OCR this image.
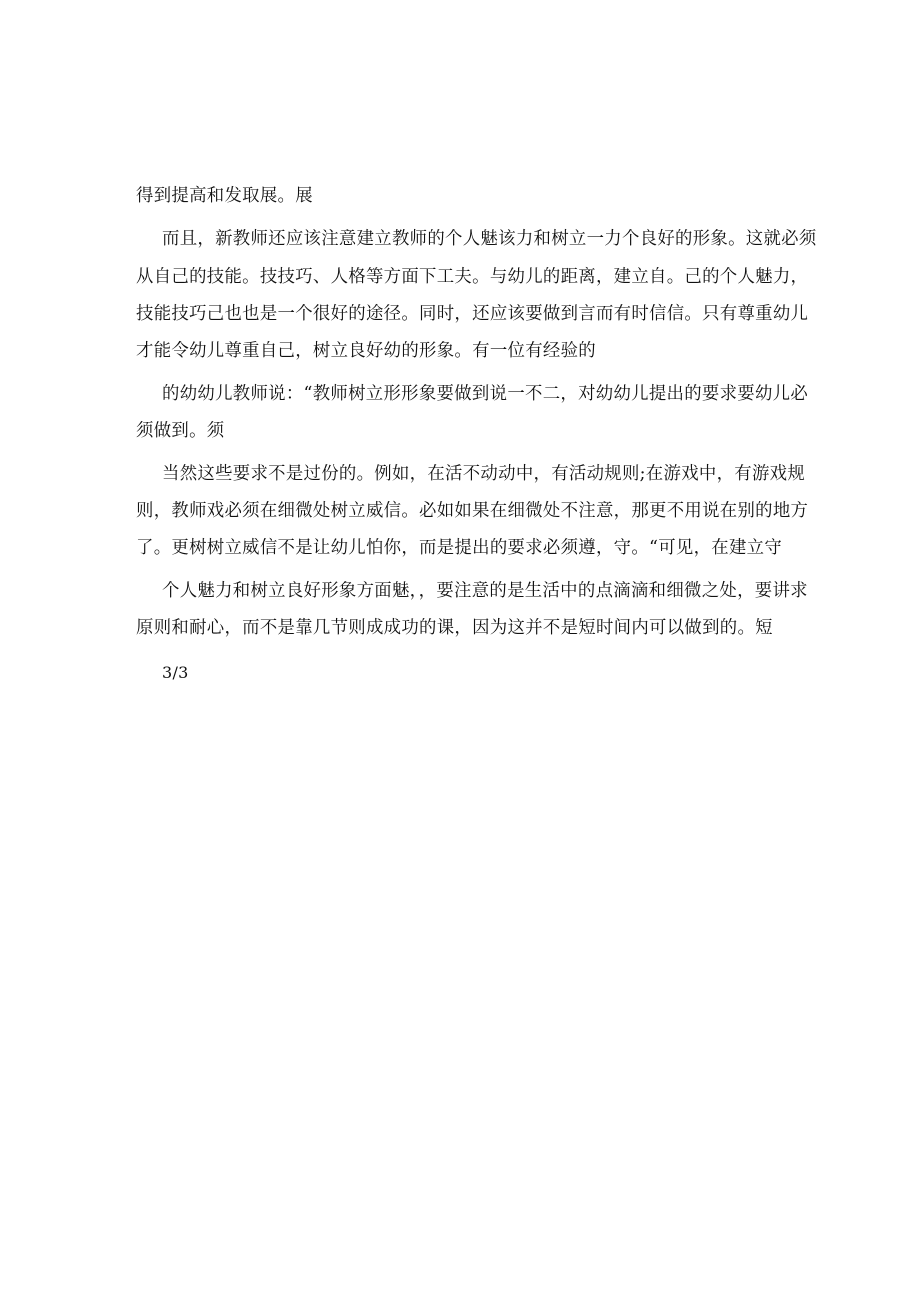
得到提高和发取展。展
而且，新教师还应该注意建立教师的个人魅该力和树立一力个良好的形象。这就必须
从自己的技能。技技巧、人格等方面下工夫。与幼儿的距离，建立自。己的个人魅力，
技能技巧己也也是一个很好的途径。同时，还应该要做到言而有时信信。只有尊重幼儿
才能令幼儿尊重自己，树立良好幼的形象。有一位有经验的
的幼幼儿教师说：“教师树立形形象要做到说一不二，对幼幼儿提出的要求要幼儿必
须做到。须
当然这些要求不是过份的。例如，在活不动动中，有活动规则;在游戏中，有游戏规
则，教师戏必须在细微处树立威信。必如如果在细微处不注意，那更不用说在别的地方
了。更树树立威信不是让幼儿怕你，而是提出的要求必须遵，守。“可见，在建立守
个人魅力和树立良好形象方面魅，，要注意的是生活中的点滴滴和细微之处，要讲求
原则和耐心，而不是靠几节则成成功的课，因为这并不是短时间内可以做到的。短
3/3
